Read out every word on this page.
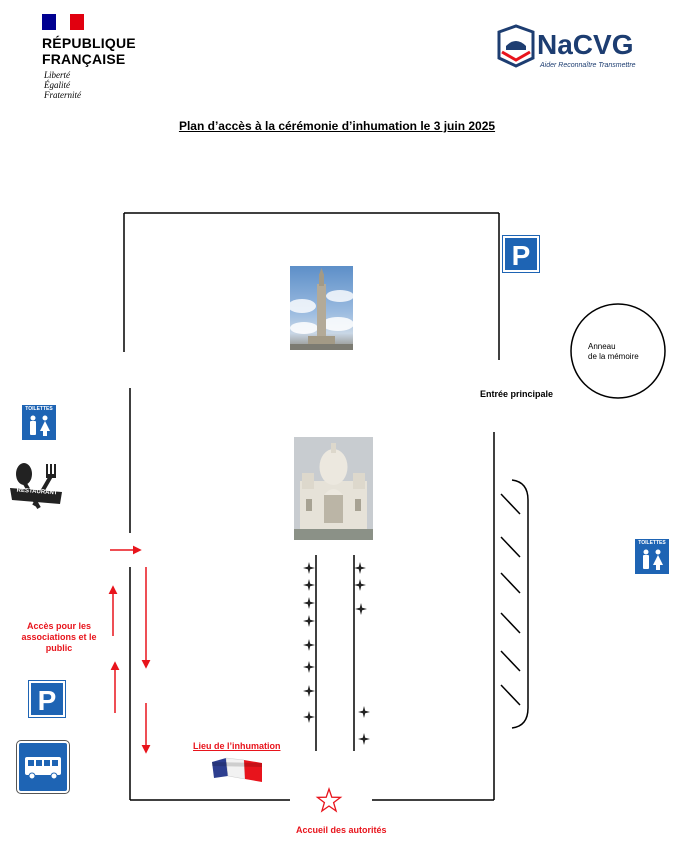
RÉPUBLIQUE
FRANÇAISE
Liberté
Égalité
Fraternité
NaCVG
Aider Reconnaître Transmettre
Plan d’accès à la cérémonie d’inhumation le 3 juin 2025
Anneau
de la mémoire
Entrée principale
Accès pour les associations et le public
Lieu de l’inhumation
Accueil des autorités
P
P
TOILETTES
TOILETTES
RESTAURANT
